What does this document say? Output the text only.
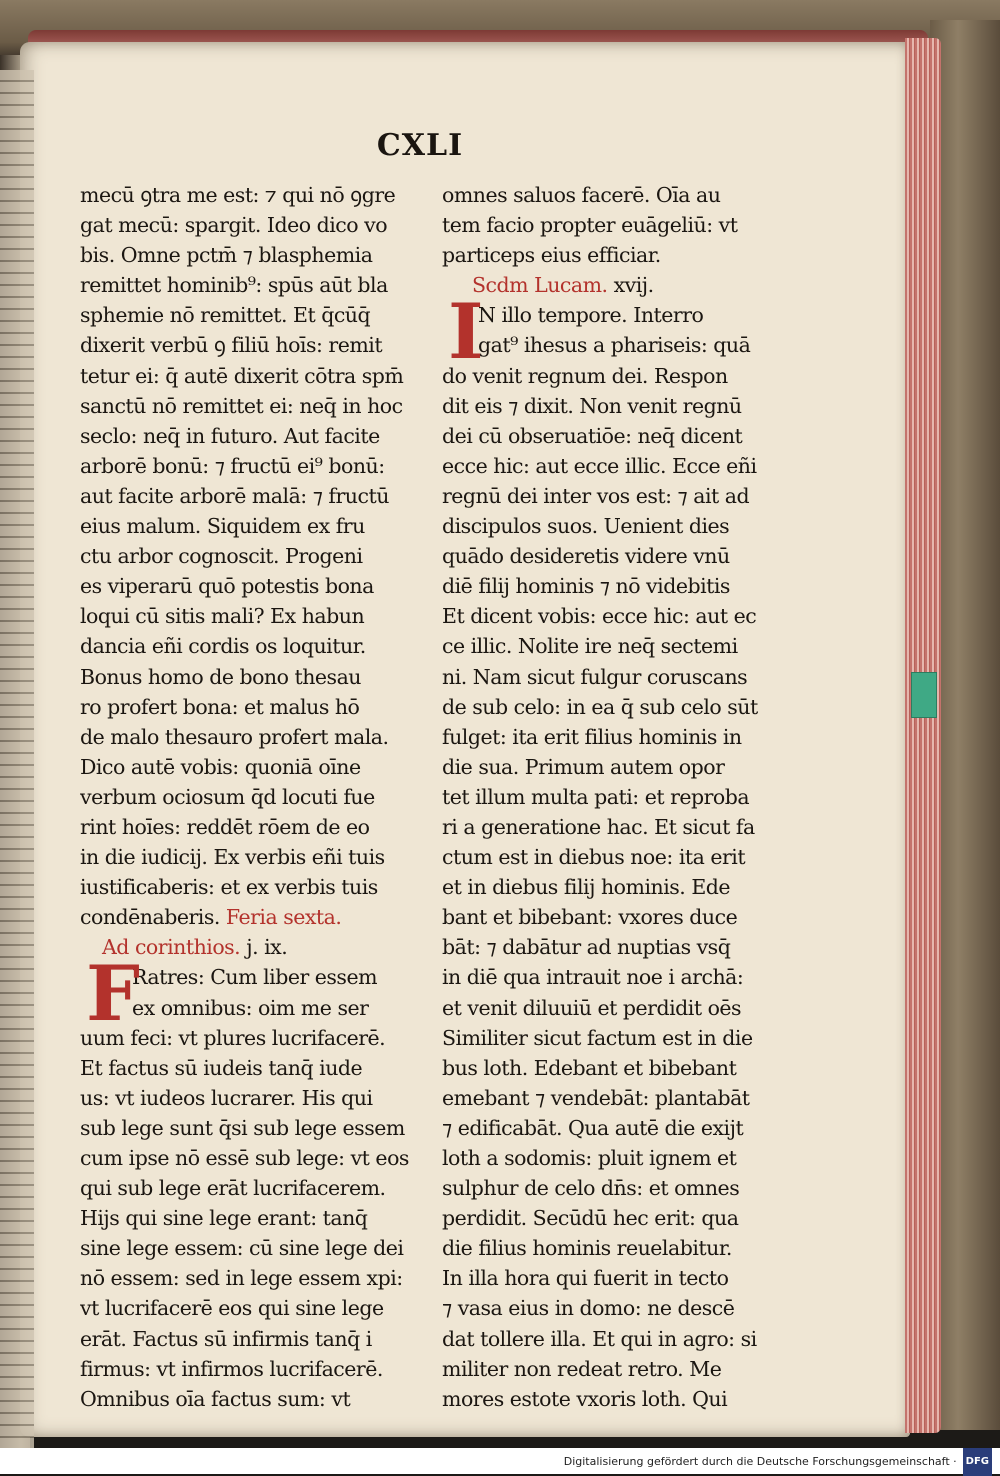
CXLI
mecū ꝯtra me est: ⁊ qui nō ꝯgre
gat mecū: spargit. Ideo dico vo
bis. Omne pctm̄ ⁊ blasphemia
remittet hominib⁹: spūs aūt bla
sphemie nō remittet. Et q̄cūq̄
dixerit verbū ꝯ filiū hoīs: remit
tetur ei: q̄ autē dixerit cōtra spm̄
sanctū nō remittet ei: neq̄ in hoc
seclo: neq̄ in futuro. Aut facite
arborē bonū: ⁊ fructū ei⁹ bonū:
aut facite arborē malā: ⁊ fructū
eius malum. Siquidem ex fru
ctu arbor cognoscit. Progeni
es viperarū quō potestis bona
loqui cū sitis mali? Ex habun
dancia eñi cordis os loquitur.
Bonus homo de bono thesau
ro profert bona: et malus hō
de malo thesauro profert mala.
Dico autē vobis: quoniā oīne
verbum ociosum q̄d locuti fue
rint hoīes: reddēt rōem de eo
in die iudicij. Ex verbis eñi tuis
iustificaberis: et ex verbis tuis
condēnaberis. Feria sexta.
Ad corinthios. j. ix.
F
Ratres: Cum liber essem
ex omnibus: oim me ser
uum feci: vt plures lucrifacerē.
Et factus sū iudeis tanq̄ iude
us: vt iudeos lucrarer. His qui
sub lege sunt q̄si sub lege essem
cum ipse nō essē sub lege: vt eos
qui sub lege erāt lucrifacerem.
Hijs qui sine lege erant: tanq̄
sine lege essem: cū sine lege dei
nō essem: sed in lege essem xpi:
vt lucrifacerē eos qui sine lege
erāt. Factus sū infirmis tanq̄ i
firmus: vt infirmos lucrifacerē.
Omnibus oīa factus sum: vt
omnes saluos facerē. Oīa au
tem facio propter euāgeliū: vt
particeps eius efficiar.
Scdm Lucam. xvij.
I
N illo tempore. Interro
gat⁹ ihesus a phariseis: quā
do venit regnum dei. Respon
dit eis ⁊ dixit. Non venit regnū
dei cū obseruatiōe: neq̄ dicent
ecce hic: aut ecce illic. Ecce eñi
regnū dei inter vos est: ⁊ ait ad
discipulos suos. Uenient dies
quādo desideretis videre vnū
diē filij hominis ⁊ nō videbitis
Et dicent vobis: ecce hic: aut ec
ce illic. Nolite ire neq̄ sectemi
ni. Nam sicut fulgur coruscans
de sub celo: in ea q̄ sub celo sūt
fulget: ita erit filius hominis in
die sua. Primum autem opor
tet illum multa pati: et reproba
ri a generatione hac. Et sicut fa
ctum est in diebus noe: ita erit
et in diebus filij hominis. Ede
bant et bibebant: vxores duce
bāt: ⁊ dabātur ad nuptias vsq̄
in diē qua intrauit noe i archā:
et venit diluuiū et perdidit oēs
Similiter sicut factum est in die
bus loth. Edebant et bibebant
emebant ⁊ vendebāt: plantabāt
⁊ edificabāt. Qua autē die exijt
loth a sodomis: pluit ignem et
sulphur de celo dn̄s: et omnes
perdidit. Secūdū hec erit: qua
die filius hominis reuelabitur.
In illa hora qui fuerit in tecto
⁊ vasa eius in domo: ne descē
dat tollere illa. Et qui in agro: si
militer non redeat retro. Me
mores estote vxoris loth. Qui
Digitalisierung gefördert durch die Deutsche Forschungsgemeinschaft · DFG
